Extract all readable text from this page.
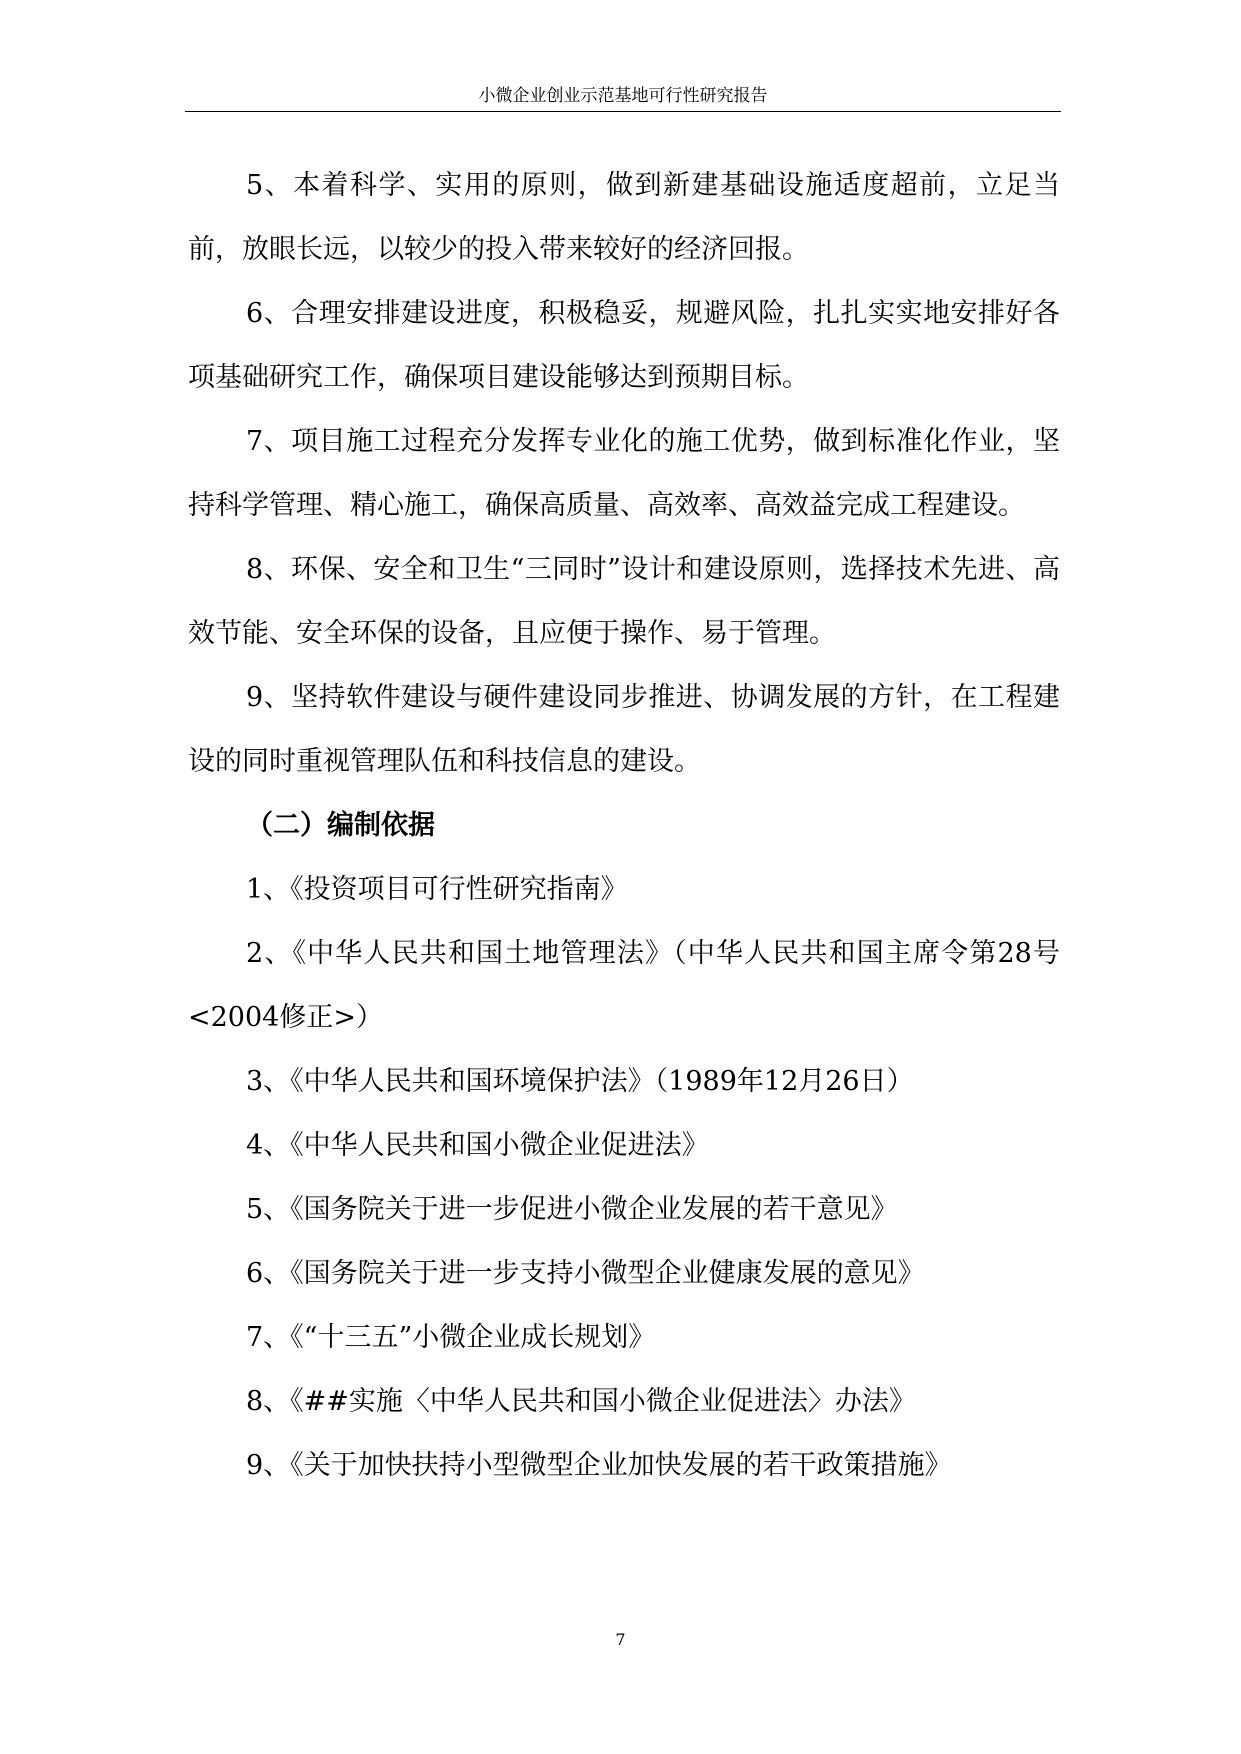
小微企业创业示范基地可行性研究报告

5、本着科学、实用的原则，做到新建基础设施适度超前，立足当前，放眼长远，以较少的投入带来较好的经济回报。

6、合理安排建设进度，积极稳妥，规避风险，扎扎实实地安排好各项基础研究工作，确保项目建设能够达到预期目标。

7、项目施工过程充分发挥专业化的施工优势，做到标准化作业，坚持科学管理、精心施工，确保高质量、高效率、高效益完成工程建设。

8、环保、安全和卫生“三同时”设计和建设原则，选择技术先进、高效节能、安全环保的设备，且应便于操作、易于管理。

9、坚持软件建设与硬件建设同步推进、协调发展的方针，在工程建设的同时重视管理队伍和科技信息的建设。

（二）编制依据

1、《投资项目可行性研究指南》

2、《中华人民共和国土地管理法》（中华人民共和国主席令第28号<2004修正>）

3、《中华人民共和国环境保护法》（1989年12月26日）

4、《中华人民共和国小微企业促进法》

5、《国务院关于进一步促进小微企业发展的若干意见》

6、《国务院关于进一步支持小微型企业健康发展的意见》

7、《“十三五”小微企业成长规划》

8、《##实施〈中华人民共和国小微企业促进法〉办法》

9、《关于加快扶持小型微型企业加快发展的若干政策措施》

7
